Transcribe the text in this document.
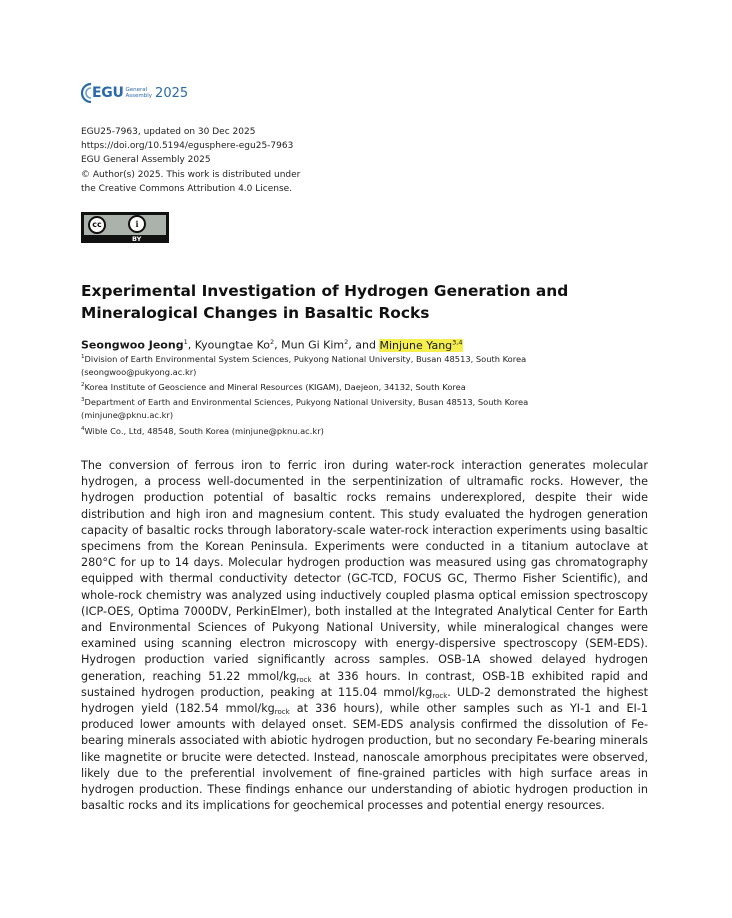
EGU General
Assembly 2025
EGU25-7963, updated on 30 Dec 2025
https://doi.org/10.5194/egusphere-egu25-7963
EGU General Assembly 2025
© Author(s) 2025. This work is distributed under
the Creative Commons Attribution 4.0 License.
cc	i
BY
Experimental Investigation of Hydrogen Generation and
Mineralogical Changes in Basaltic Rocks
Seongwoo Jeong$^1$, Kyoungtae Ko$^2$, Mun Gi Kim$^2$, and Minjune Yang$^{3,4}$
$^1$Division of Earth Environmental System Sciences, Pukyong National University, Busan 48513, South Korea
(seongwoo@pukyong.ac.kr)
$^2$Korea Institute of Geoscience and Mineral Resources (KIGAM), Daejeon, 34132, South Korea
$^3$Department of Earth and Environmental Sciences, Pukyong National University, Busan 48513, South Korea
(minjune@pknu.ac.kr)
$^4$Wible Co., Ltd, 48548, South Korea (minjune@pknu.ac.kr)

The conversion of ferrous iron to ferric iron during water-rock interaction generates molecular hydrogen, a process well-documented in the serpentinization of ultramafic rocks. However, the hydrogen production potential of basaltic rocks remains underexplored, despite their wide distribution and high iron and magnesium content. This study evaluated the hydrogen generation capacity of basaltic rocks through laboratory-scale water-rock interaction experiments using basaltic specimens from the Korean Peninsula. Experiments were conducted in a titanium autoclave at 280°C for up to 14 days. Molecular hydrogen production was measured using gas chromatography equipped with thermal conductivity detector (GC-TCD, FOCUS GC, Thermo Fisher Scientific), and whole-rock chemistry was analyzed using inductively coupled plasma optical emission spectroscopy (ICP-OES, Optima 7000DV, PerkinElmer), both installed at the Integrated Analytical Center for Earth and Environmental Sciences of Pukyong National University, while mineralogical changes were examined using scanning electron microscopy with energy-dispersive spectroscopy (SEM-EDS). Hydrogen production varied significantly across samples. OSB-1A showed delayed hydrogen generation, reaching 51.22 mmol/$kg_{rock}$ at 336 hours. In contrast, OSB-1B exhibited rapid and sustained hydrogen production, peaking at 115.04 mmol/$kg_{rock}$. ULD-2 demonstrated the highest hydrogen yield (182.54 mmol/$kg_{rock}$ at 336 hours), while other samples such as YI-1 and EI-1 produced lower amounts with delayed onset. SEM-EDS analysis confirmed the dissolution of Fe-bearing minerals associated with abiotic hydrogen production, but no secondary Fe-bearing minerals like magnetite or brucite were detected. Instead, nanoscale amorphous precipitates were observed, likely due to the preferential involvement of fine-grained particles with high surface areas in hydrogen production. These findings enhance our understanding of abiotic hydrogen production in basaltic rocks and its implications for geochemical processes and potential energy resources.
